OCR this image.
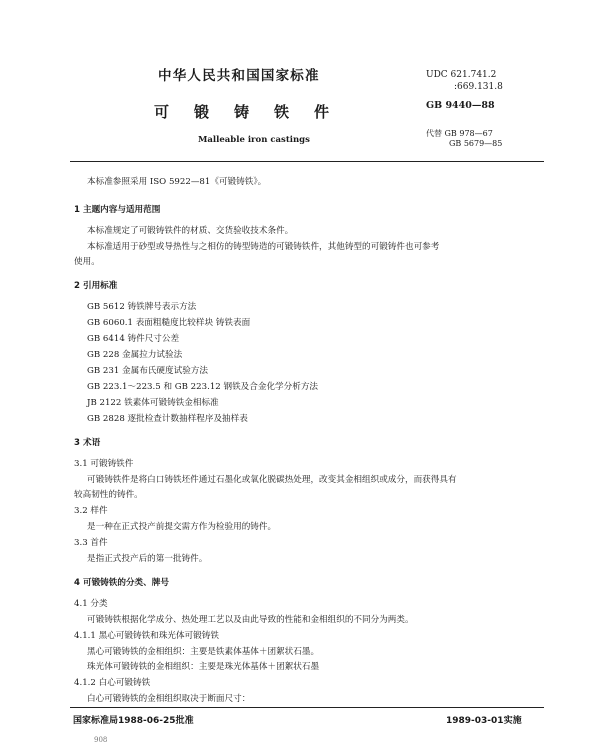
中华人民共和国国家标准
可锻铸铁件
Malleable iron castings
UDC 621.741.2
:669.131.8
GB 9440—88
代替 GB 978—67
GB 5679—85
本标准参照采用 ISO 5922—81《可锻铸铁》。
1 主题内容与适用范围
本标准规定了可锻铸铁件的材质、交货验收技术条件。
本标准适用于砂型或导热性与之相仿的铸型铸造的可锻铸铁件，其他铸型的可锻铸件也可参考
使用。
2 引用标准
GB 5612 铸铁牌号表示方法
GB 6060.1 表面粗糙度比较样块 铸铁表面
GB 6414 铸件尺寸公差
GB 228 金属拉力试验法
GB 231 金属布氏硬度试验方法
GB 223.1～223.5 和 GB 223.12 钢铁及合金化学分析方法
JB 2122 铁素体可锻铸铁金相标准
GB 2828 逐批检查计数抽样程序及抽样表
3 术语
3.1 可锻铸铁件
可锻铸铁件是将白口铸铁坯件通过石墨化或氧化脱碳热处理，改变其金相组织或成分，而获得具有
较高韧性的铸件。
3.2 样件
是一种在正式投产前提交需方作为检验用的铸件。
3.3 首件
是指正式投产后的第一批铸件。
4 可锻铸铁的分类、牌号
4.1 分类
可锻铸铁根据化学成分、热处理工艺以及由此导致的性能和金相组织的不同分为两类。
4.1.1 黑心可锻铸铁和珠光体可锻铸铁
黑心可锻铸铁的金相组织：主要是铁素体基体＋团絮状石墨。
珠光体可锻铸铁的金相组织：主要是珠光体基体＋团絮状石墨
4.1.2 白心可锻铸铁
白心可锻铸铁的金相组织取决于断面尺寸：
国家标准局1988-06-25批准	1989-03-01实施
908
